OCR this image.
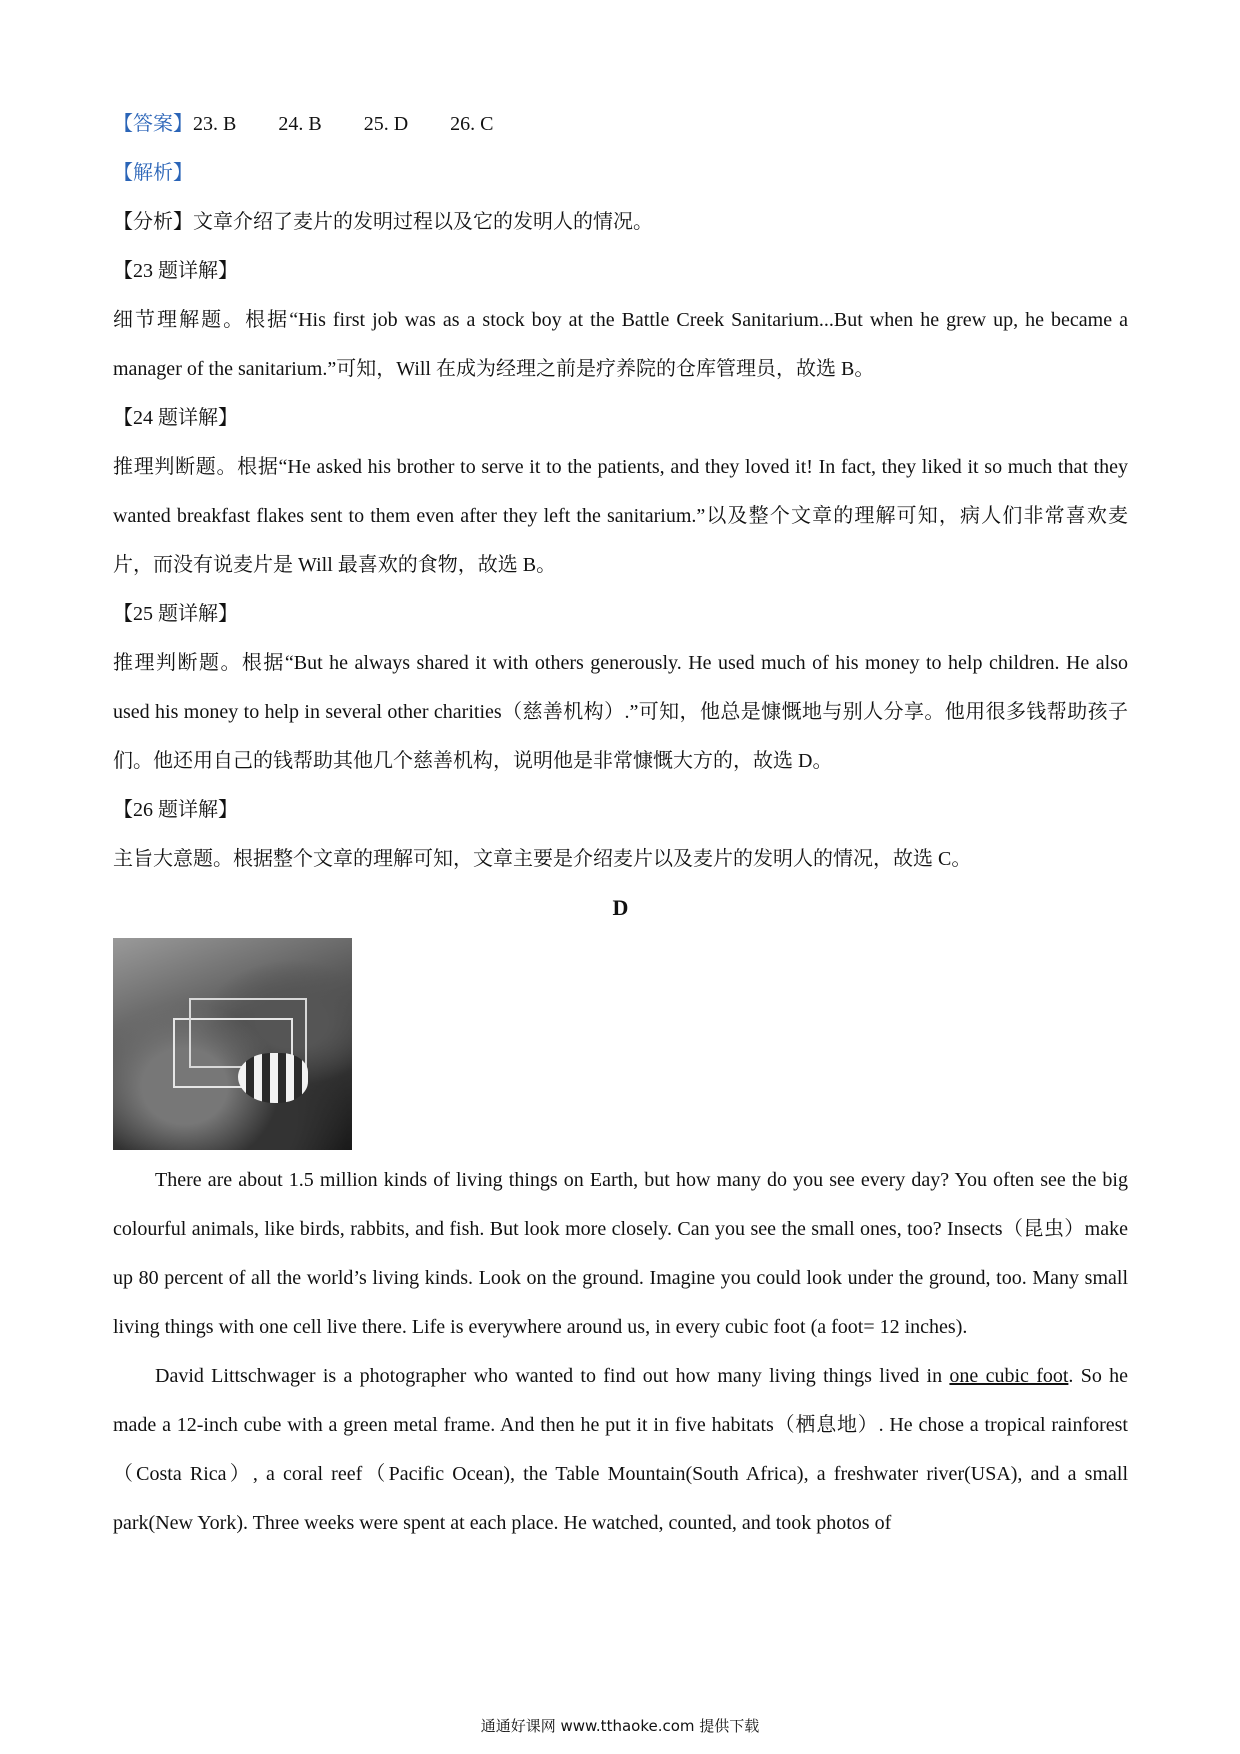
【答案】23. B 24. B 25. D 26. C

【解析】

【分析】文章介绍了麦片的发明过程以及它的发明人的情况。

【23 题详解】

细节理解题。根据“His first job was as a stock boy at the Battle Creek Sanitarium...But when he grew up, he became a manager of the sanitarium.”可知，Will 在成为经理之前是疗养院的仓库管理员，故选 B。

【24 题详解】

推理判断题。根据“He asked his brother to serve it to the patients, and they loved it! In fact, they liked it so much that they wanted breakfast flakes sent to them even after they left the sanitarium.”以及整个文章的理解可知，病人们非常喜欢麦片，而没有说麦片是 Will 最喜欢的食物，故选 B。

【25 题详解】

推理判断题。根据“But he always shared it with others generously. He used much of his money to help children. He also used his money to help in several other charities（慈善机构）.”可知，他总是慷慨地与别人分享。他用很多钱帮助孩子们。他还用自己的钱帮助其他几个慈善机构，说明他是非常慷慨大方的，故选 D。

【26 题详解】

主旨大意题。根据整个文章的理解可知，文章主要是介绍麦片以及麦片的发明人的情况，故选 C。

D

There are about 1.5 million kinds of living things on Earth, but how many do you see every day? You often see the big colourful animals, like birds, rabbits, and fish. But look more closely. Can you see the small ones, too? Insects（昆虫）make up 80 percent of all the world’s living kinds. Look on the ground. Imagine you could look under the ground, too. Many small living things with one cell live there. Life is everywhere around us, in every cubic foot (a foot= 12 inches).

David Littschwager is a photographer who wanted to find out how many living things lived in one cubic foot. So he made a 12-inch cube with a green metal frame. And then he put it in five habitats（栖息地）. He chose a tropical rainforest（Costa Rica）, a coral reef（Pacific Ocean), the Table Mountain(South Africa), a freshwater river(USA), and a small park(New York). Three weeks were spent at each place. He watched, counted, and took photos of

通通好课网 www.tthaoke.com 提供下载
